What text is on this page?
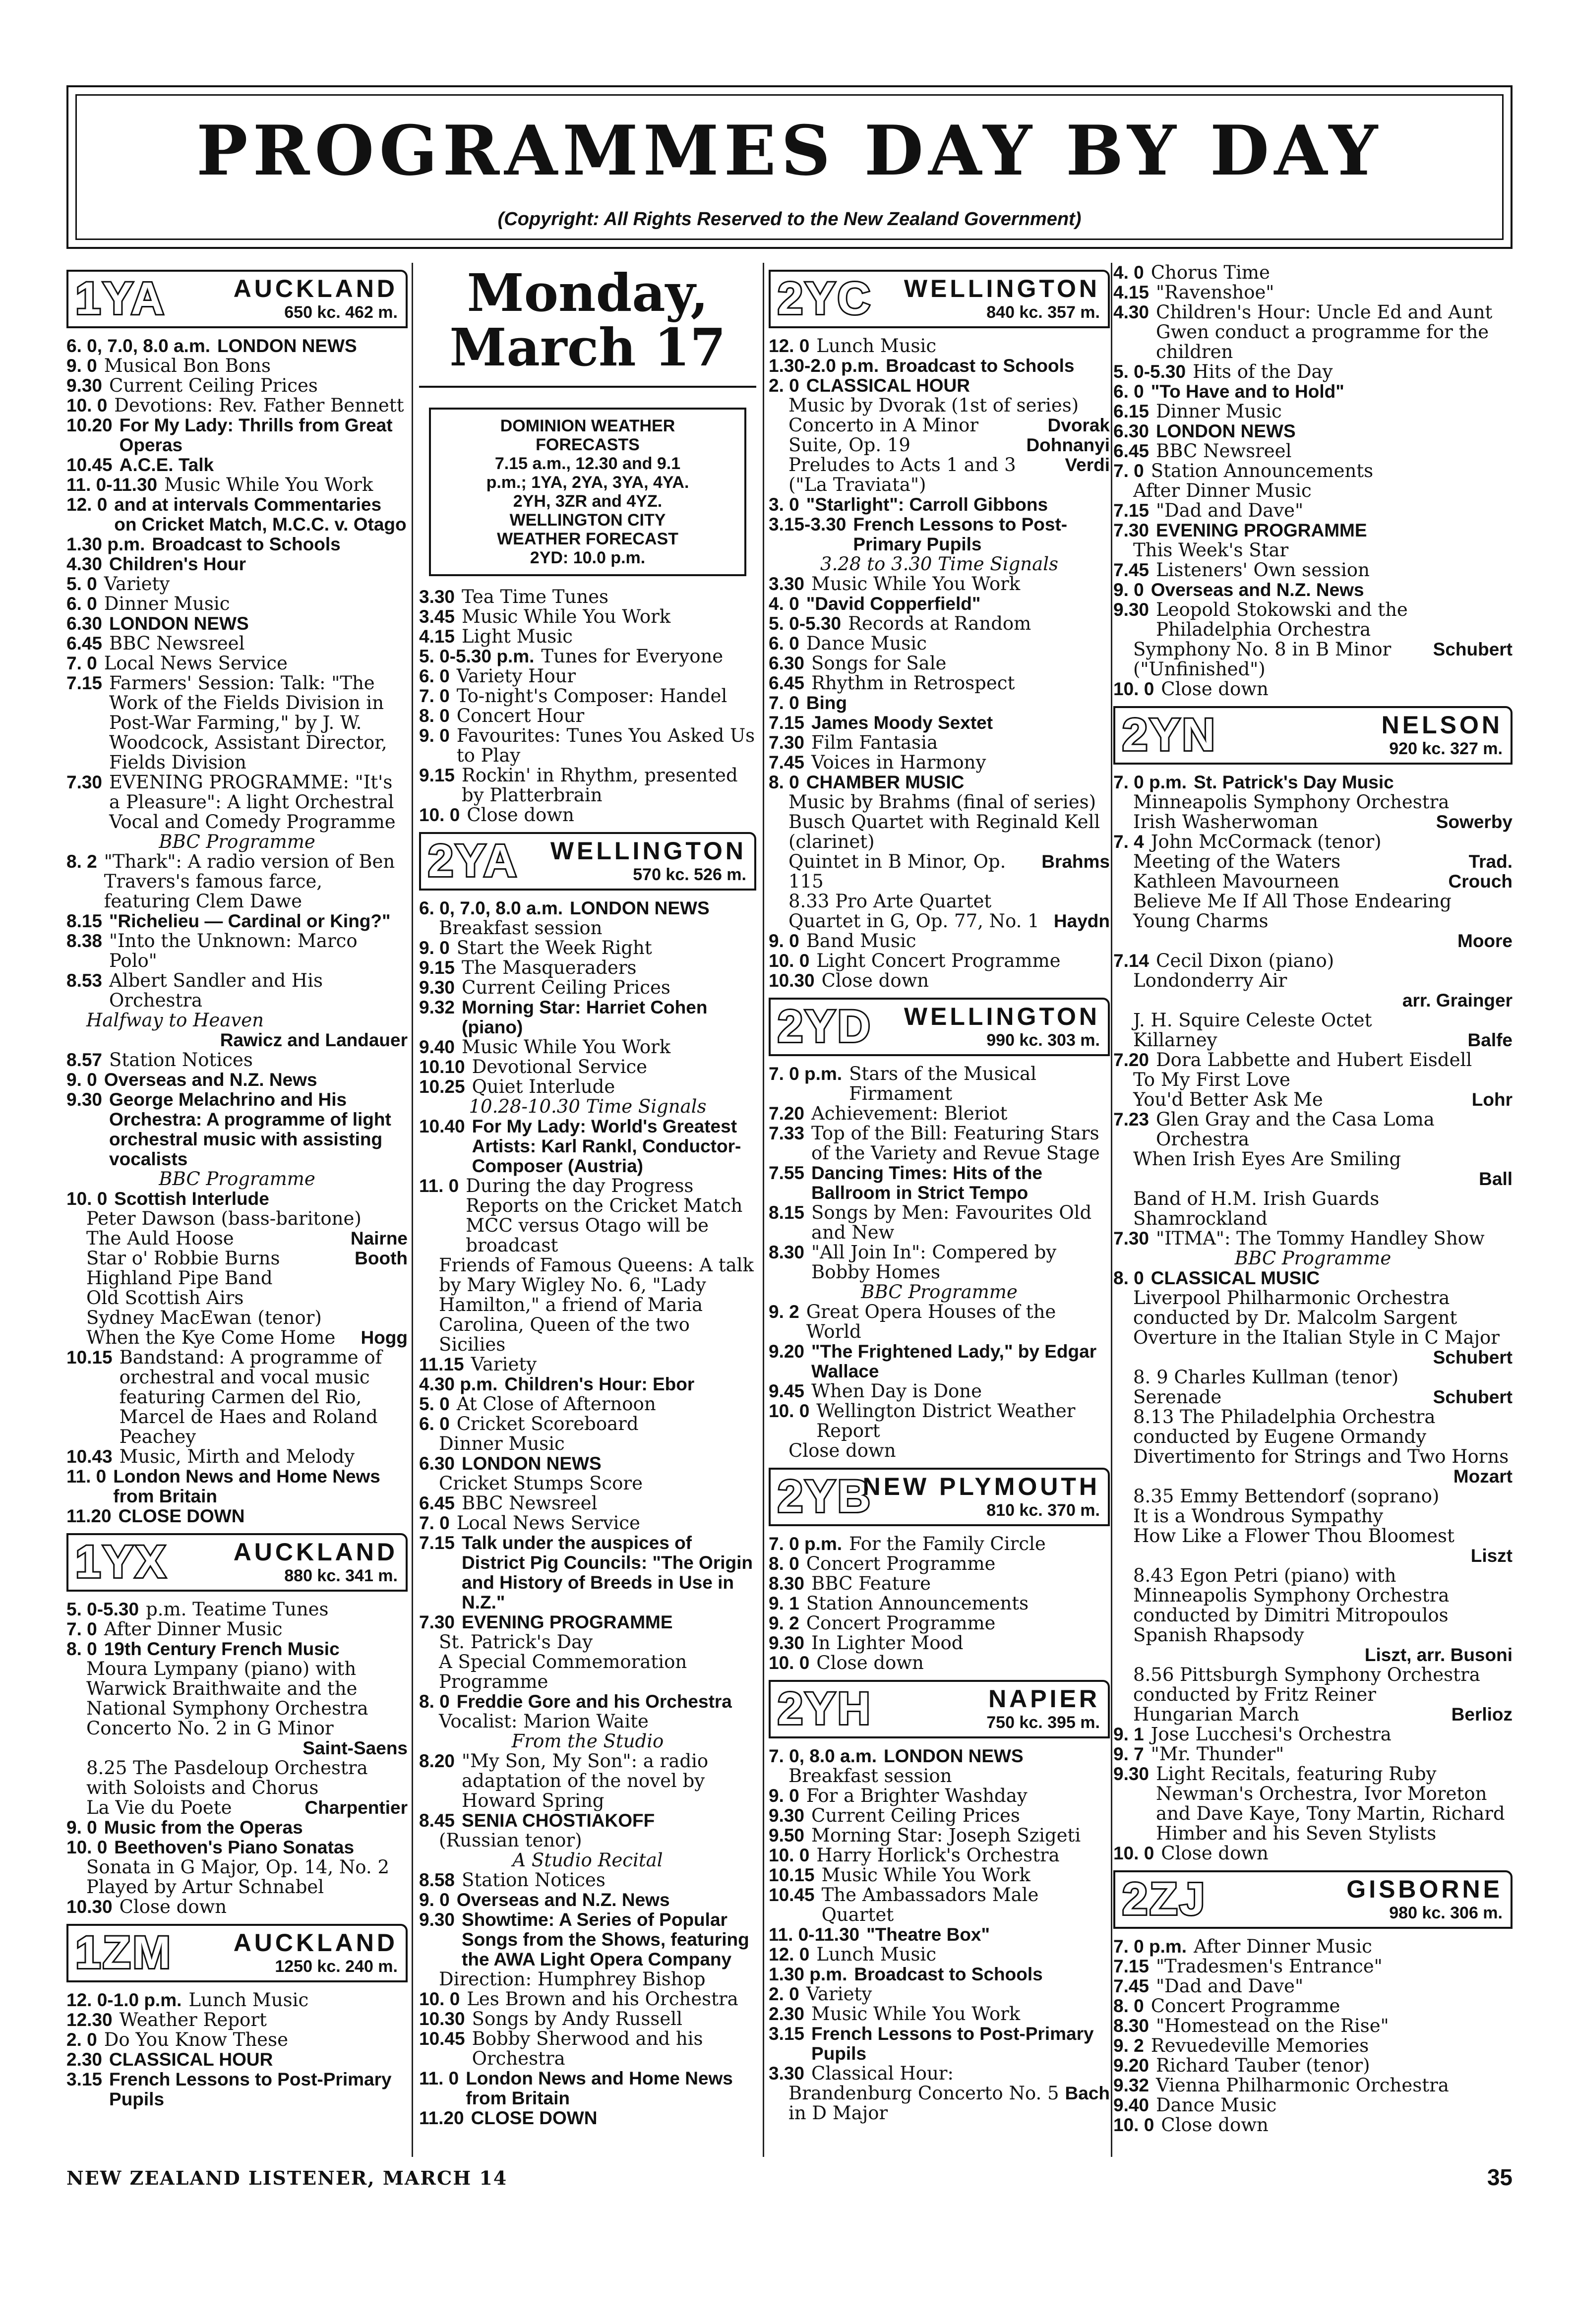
PROGRAMMES DAY BY DAY
(Copyright: All Rights Reserved to the New Zealand Government)
1YA	AUCKLAND
650 kc. 462 m.
6. 0, 7.0, 8.0 a.m. LONDON NEWS
9. 0 Musical Bon Bons
9.30 Current Ceiling Prices
10. 0 Devotions: Rev. Father Bennett
10.20 For My Lady: Thrills from Great Operas
10.45 A.C.E. Talk
11. 0-11.30 Music While You Work
12. 0 and at intervals Commentaries on Cricket Match, M.C.C. v. Otago
1.30 p.m. Broadcast to Schools
4.30 Children's Hour
5. 0 Variety
6. 0 Dinner Music
6.30 LONDON NEWS
6.45 BBC Newsreel
7. 0 Local News Service
7.15 Farmers' Session: Talk: "The Work of the Fields Division in Post-War Farming," by J. W. Woodcock, Assistant Director, Fields Division
7.30 EVENING PROGRAMME: "It's a Pleasure": A light Orchestral Vocal and Comedy Programme
BBC Programme
8. 2 "Thark": A radio version of Ben Travers's famous farce, featuring Clem Dawe
8.15 "Richelieu — Cardinal or King?"
8.38 "Into the Unknown: Marco Polo"
8.53 Albert Sandler and His Orchestra
Halfway to Heaven
Rawicz and Landauer
8.57 Station Notices
9. 0 Overseas and N.Z. News
9.30 George Melachrino and His Orchestra: A programme of light orchestral music with assisting vocalists
BBC Programme
10. 0 Scottish Interlude
Peter Dawson (bass-baritone)
The Auld Hoose	Nairne
Star o' Robbie Burns	Booth
Highland Pipe Band
Old Scottish Airs
Sydney MacEwan (tenor)
When the Kye Come Home	Hogg
10.15 Bandstand: A programme of orchestral and vocal music featuring Carmen del Rio, Marcel de Haes and Roland Peachey
10.43 Music, Mirth and Melody
11. 0 London News and Home News from Britain
11.20 CLOSE DOWN
1YX	AUCKLAND
880 kc. 341 m.
5. 0-5.30 p.m. Teatime Tunes
7. 0 After Dinner Music
8. 0 19th Century French Music
Moura Lympany (piano) with Warwick Braithwaite and the National Symphony Orchestra
Concerto No. 2 in G Minor
Saint-Saens
8.25 The Pasdeloup Orchestra with Soloists and Chorus
La Vie du Poete	Charpentier
9. 0 Music from the Operas
10. 0 Beethoven's Piano Sonatas
Sonata in G Major, Op. 14, No. 2
Played by Artur Schnabel
10.30 Close down
1ZM AUCKLAND
1250 kc. 240 m.
12. 0-1.0 p.m. Lunch Music
12.30 Weather Report
2. 0 Do You Know These
2.30 CLASSICAL HOUR
3.15 French Lessons to Post-Primary Pupils
Monday, March 17
DOMINION WEATHER
FORECASTS
7.15 a.m., 12.30 and 9.1
p.m.; 1YA, 2YA, 3YA, 4YA.
2YH, 3ZR and 4YZ.
WELLINGTON CITY
WEATHER FORECAST
2YD: 10.0 p.m.
3.30 Tea Time Tunes
3.45 Music While You Work
4.15 Light Music
5. 0-5.30 p.m. Tunes for Everyone
6. 0 Variety Hour
7. 0 To-night's Composer: Handel
8. 0 Concert Hour
9. 0 Favourites: Tunes You Asked Us to Play
9.15 Rockin' in Rhythm, presented by Platterbrain
10. 0 Close down
2YA WELLINGTON
570 kc. 526 m.
6. 0, 7.0, 8.0 a.m. LONDON NEWS
Breakfast session
9. 0 Start the Week Right
9.15 The Masqueraders
9.30 Current Ceiling Prices
9.32 Morning Star: Harriet Cohen (piano)
9.40 Music While You Work
10.10 Devotional Service
10.25 Quiet Interlude
10.28-10.30 Time Signals
10.40 For My Lady: World's Greatest Artists: Karl Rankl, Conductor-Composer (Austria)
11. 0 During the day Progress Reports on the Cricket Match MCC versus Otago will be broadcast
Friends of Famous Queens: A talk by Mary Wigley No. 6, "Lady Hamilton," a friend of Maria Carolina, Queen of the two Sicilies
11.15 Variety
4.30 p.m. Children's Hour: Ebor
5. 0 At Close of Afternoon
6. 0 Cricket Scoreboard
Dinner Music
6.30 LONDON NEWS
Cricket Stumps Score
6.45 BBC Newsreel
7. 0 Local News Service
7.15 Talk under the auspices of District Pig Councils: "The Origin and History of Breeds in Use in N.Z."
7.30 EVENING PROGRAMME
St. Patrick's Day
A Special Commemoration Programme
8. 0 Freddie Gore and his Orchestra
Vocalist: Marion Waite
From the Studio
8.20 "My Son, My Son": a radio adaptation of the novel by Howard Spring
8.45 SENIA CHOSTIAKOFF
(Russian tenor)
A Studio Recital
8.58 Station Notices
9. 0 Overseas and N.Z. News
9.30 Showtime: A Series of Popular Songs from the Shows, featuring the AWA Light Opera Company
Direction: Humphrey Bishop
10. 0 Les Brown and his Orchestra
10.30 Songs by Andy Russell
10.45 Bobby Sherwood and his Orchestra
11. 0 London News and Home News from Britain
11.20 CLOSE DOWN
2YC WELLINGTON
840 kc. 357 m.
12. 0 Lunch Music
1.30-2.0 p.m. Broadcast to Schools
2. 0 CLASSICAL HOUR
Music by Dvorak (1st of series)
Concerto in A Minor	Dvorak
Suite, Op. 19	Dohnanyi
Preludes to Acts 1 and 3 ("La Traviata")
Verdi
3. 0 "Starlight": Carroll Gibbons
3.15-3.30 French Lessons to Post-Primary Pupils
3.28 to 3.30 Time Signals
3.30 Music While You Work
4. 0 "David Copperfield"
5. 0-5.30 Records at Random
6. 0 Dance Music
6.30 Songs for Sale
6.45 Rhythm in Retrospect
7. 0 Bing
7.15 James Moody Sextet
7.30 Film Fantasia
7.45 Voices in Harmony
8. 0 CHAMBER MUSIC
Music by Brahms (final of series)
Busch Quartet with Reginald Kell (clarinet)
Quintet in B Minor, Op. 115
Brahms
8.33 Pro Arte Quartet
Quartet in G, Op. 77, No. 1 Haydn
9. 0 Band Music
10. 0 Light Concert Programme
10.30 Close down
2YD WELLINGTON
990 kc. 303 m.
7. 0 p.m. Stars of the Musical Firmament
7.20 Achievement: Bleriot
7.33 Top of the Bill: Featuring Stars of the Variety and Revue Stage
7.55 Dancing Times: Hits of the Ballroom in Strict Tempo
8.15 Songs by Men: Favourites Old and New
8.30 "All Join In": Compered by Bobby Homes
BBC Programme
9. 2 Great Opera Houses of the World
9.20 "The Frightened Lady," by Edgar Wallace
9.45 When Day is Done
10. 0 Wellington District Weather Report
Close down
2YB
NEW PLYMOUTH
810 kc. 370 m.
7. 0 p.m. For the Family Circle
8. 0 Concert Programme
8.30 BBC Feature
9. 1 Station Announcements
9. 2 Concert Programme
9.30 In Lighter Mood
10. 0 Close down
2YH	NAPIER
750 kc. 395 m.
7. 0, 8.0 a.m. LONDON NEWS
Breakfast session
9. 0 For a Brighter Washday
9.30 Current Ceiling Prices
9.50 Morning Star: Joseph Szigeti
10. 0 Harry Horlick's Orchestra
10.15 Music While You Work
10.45 The Ambassadors Male Quartet
11. 0-11.30 "Theatre Box"
12. 0 Lunch Music
1.30 p.m. Broadcast to Schools
2. 0 Variety
2.30 Music While You Work
3.15 French Lessons to Post-Primary Pupils
3.30 Classical Hour:
Brandenburg Concerto No. 5 in D Major
Bach
4. 0 Chorus Time
4.15 "Ravenshoe"
4.30 Children's Hour: Uncle Ed and Aunt Gwen conduct a programme for the children
5. 0-5.30 Hits of the Day
6. 0 "To Have and to Hold"
6.15 Dinner Music
6.30 LONDON NEWS
6.45 BBC Newsreel
7. 0 Station Announcements
After Dinner Music
7.15 "Dad and Dave"
7.30 EVENING PROGRAMME
This Week's Star
7.45 Listeners' Own session
9. 0 Overseas and N.Z. News
9.30 Leopold Stokowski and the Philadelphia Orchestra
Symphony No. 8 in B Minor ("Unfinished")
Schubert
10. 0 Close down
2YN	NELSON
920 kc. 327 m.
7. 0 p.m. St. Patrick's Day Music
Minneapolis Symphony Orchestra
Irish Washerwoman	Sowerby
7. 4 John McCormack (tenor)
Meeting of the Waters	Trad.
Kathleen Mavourneen	Crouch
Believe Me If All Those Endearing Young Charms
Moore
7.14 Cecil Dixon (piano)
Londonderry Air
arr. Grainger
J. H. Squire Celeste Octet
Killarney	Balfe
7.20 Dora Labbette and Hubert Eisdell
To My First Love
You'd Better Ask Me	Lohr
7.23 Glen Gray and the Casa Loma Orchestra
When Irish Eyes Are Smiling
Ball
Band of H.M. Irish Guards
Shamrockland
7.30 "ITMA": The Tommy Handley Show
BBC Programme
8. 0 CLASSICAL MUSIC
Liverpool Philharmonic Orchestra conducted by Dr. Malcolm Sargent
Overture in the Italian Style in C Major
Schubert
8. 9 Charles Kullman (tenor)
Serenade	Schubert
8.13 The Philadelphia Orchestra conducted by Eugene Ormandy
Divertimento for Strings and Two Horns
Mozart
8.35 Emmy Bettendorf (soprano)
It is a Wondrous Sympathy
How Like a Flower Thou Bloomest
Liszt
8.43 Egon Petri (piano) with Minneapolis Symphony Orchestra conducted by Dimitri Mitropoulos
Spanish Rhapsody
Liszt, arr. Busoni
8.56 Pittsburgh Symphony Orchestra conducted by Fritz Reiner
Hungarian March	Berlioz
9. 1 Jose Lucchesi's Orchestra
9. 7 "Mr. Thunder"
9.30 Light Recitals, featuring Ruby Newman's Orchestra, Ivor Moreton and Dave Kaye, Tony Martin, Richard Himber and his Seven Stylists
10. 0 Close down
2ZJ	GISBORNE
980 kc. 306 m.
7. 0 p.m. After Dinner Music
7.15 "Tradesmen's Entrance"
7.45 "Dad and Dave"
8. 0 Concert Programme
8.30 "Homestead on the Rise"
9. 2 Revuedeville Memories
9.20 Richard Tauber (tenor)
9.32 Vienna Philharmonic Orchestra
9.40 Dance Music
10. 0 Close down
NEW ZEALAND LISTENER, MARCH 14	35
